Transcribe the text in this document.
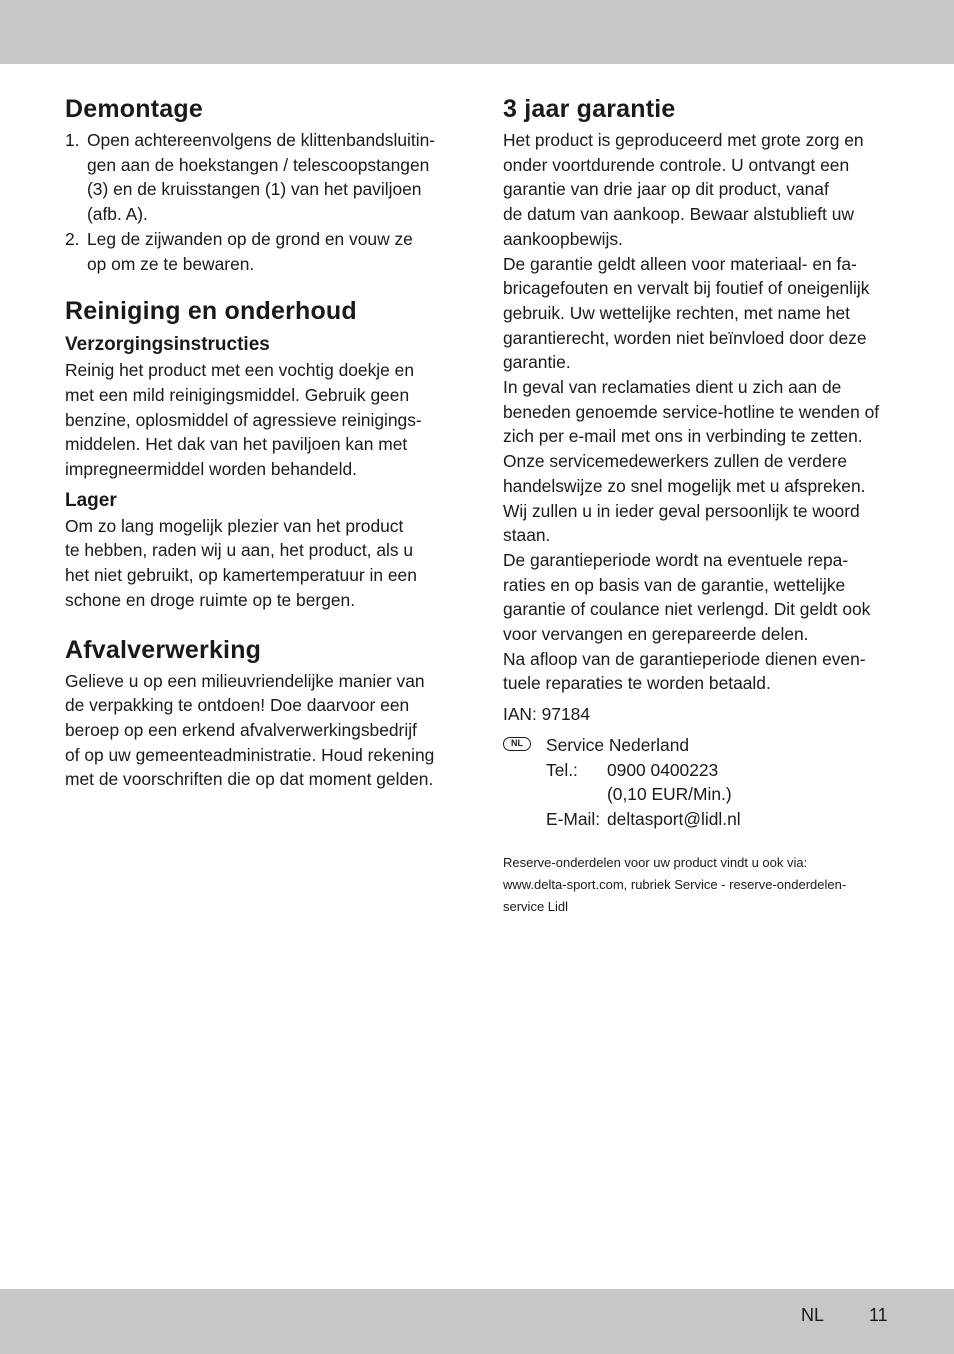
Demontage
1. Open achtereenvolgens de klittenbandsluitin-
gen aan de hoekstangen / telescoopstangen
(3) en de kruisstangen (1) van het paviljoen
(afb. A).
2. Leg de zijwanden op de grond en vouw ze
op om ze te bewaren.
Reiniging en onderhoud
Verzorgingsinstructies

Reinig het product met een vochtig doekje en
met een mild reinigingsmiddel. Gebruik geen
benzine, oplosmiddel of agressieve reinigings-
middelen. Het dak van het paviljoen kan met
impregneermiddel worden behandeld.

Lager

Om zo lang mogelijk plezier van het product
te hebben, raden wij u aan, het product, als u
het niet gebruikt, op kamertemperatuur in een
schone en droge ruimte op te bergen.

Afvalverwerking

Gelieve u op een milieuvriendelijke manier van
de verpakking te ontdoen! Doe daarvoor een
beroep op een erkend afvalverwerkingsbedrijf
of op uw gemeenteadministratie. Houd rekening
met de voorschriften die op dat moment gelden.

3 jaar garantie

Het product is geproduceerd met grote zorg en
onder voortdurende controle. U ontvangt een
garantie van drie jaar op dit product, vanaf
de datum van aankoop. Bewaar alstublieft uw
aankoopbewijs.
De garantie geldt alleen voor materiaal- en fa-
bricagefouten en vervalt bij foutief of oneigenlijk
gebruik. Uw wettelijke rechten, met name het
garantierecht, worden niet beïnvloed door deze
garantie.
In geval van reclamaties dient u zich aan de
beneden genoemde service-hotline te wenden of
zich per e-mail met ons in verbinding te zetten.
Onze servicemedewerkers zullen de verdere
handelswijze zo snel mogelijk met u afspreken.
Wij zullen u in ieder geval persoonlijk te woord
staan.
De garantieperiode wordt na eventuele repa-
raties en op basis van de garantie, wettelijke
garantie of coulance niet verlengd. Dit geldt ook
voor vervangen en gerepareerde delen.
Na afloop van de garantieperiode dienen even-
tuele reparaties te worden betaald.

IAN: 97184

NL	Service Nederland
Tel.: 0900 0400223
(0,10 EUR/Min.)
E-Mail: deltasport@lidl.nl

Reserve-onderdelen voor uw product vindt u ook via:
www.delta-sport.com, rubriek Service - reserve-onderdelen-
service Lidl

NL 11
